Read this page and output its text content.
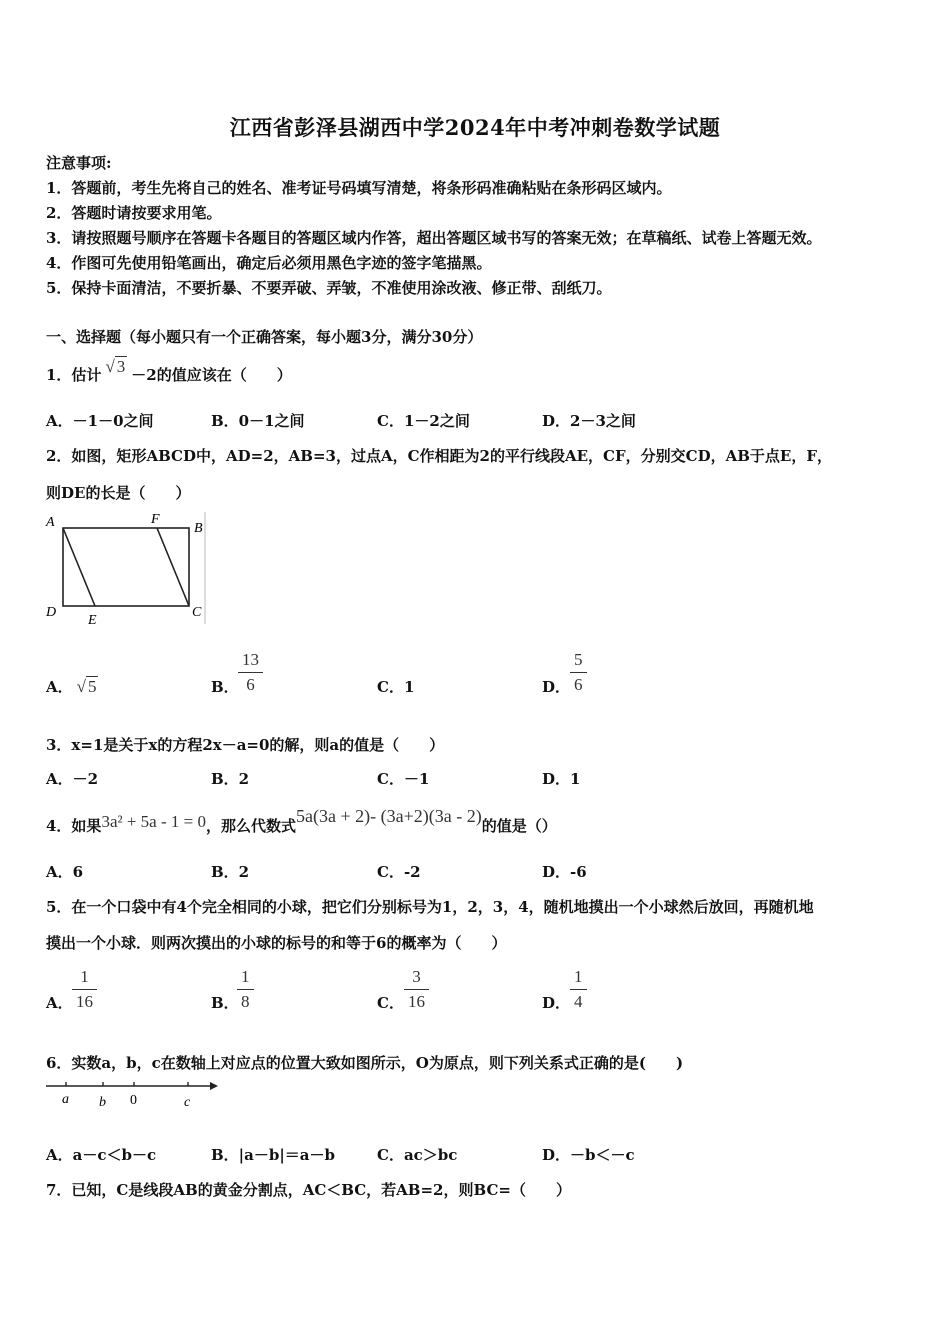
江西省彭泽县湖西中学2024年中考冲刺卷数学试题
注意事项:
1．答题前，考生先将自己的姓名、准考证号码填写清楚，将条形码准确粘贴在条形码区域内。
2．答题时请按要求用笔。
3．请按照题号顺序在答题卡各题目的答题区域内作答，超出答题区域书写的答案无效；在草稿纸、试卷上答题无效。
4．作图可先使用铅笔画出，确定后必须用黑色字迹的签字笔描黑。
5．保持卡面清洁，不要折暴、不要弄破、弄皱，不准使用涂改液、修正带、刮纸刀。
一、选择题（每小题只有一个正确答案，每小题3分，满分30分）
1．估计 √ 3 －2的值应该在（　　）
A．－1－0之间	B．0－1之间	C．1－2之间	D．2－3之间
2．如图，矩形ABCD中，AD=2，AB=3，过点A，C作相距为2的平行线段AE，CF，分别交CD，AB于点E，F，
则DE的长是（　　）
A	F
B
D
E
C
A． √ 5	B．
13
6	C．1	D．
5
6
3．x=1是关于x的方程2x－a=0的解，则a的值是（　　）
A．－2	B．2	C．－1	D．1
4．如果3a² + 5a - 1 = 0，那么代数式5a(3a + 2)- (3a+2)(3a - 2)的值是（）
A．6	B．2	C．-2	D．-6
5．在一个口袋中有4个完全相同的小球，把它们分别标号为1，2，3，4，随机地摸出一个小球然后放回，再随机地
摸出一个小球．则两次摸出的小球的标号的和等于6的概率为（　　）
A．
1
16	B．
1
8	C．
3
16	D．
1
4
6．实数a，b，c在数轴上对应点的位置大致如图所示，O为原点，则下列关系式正确的是(　　)
a b 0	c
A．a－c＜b－c	B．|a－b|＝a－b	C．ac＞bc	D．－b＜－c
7．已知，C是线段AB的黄金分割点，AC＜BC，若AB=2，则BC=（　　）
